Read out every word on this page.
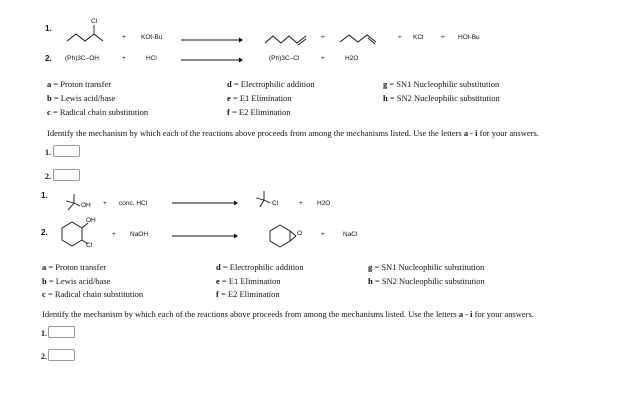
1.
Cl
+ KOt-Bu →	+	+ KCl	+ HOt-Bu
2. (Ph)3C–OH	+	HCl	(Ph)3C–Cl	+	H2O
a = Proton transfer
b = Lewis acid/base
c = Radical chain substitution
d = Electrophilic addition
e = E1 Elimination
f = E2 Elimination
g = SN1 Nucleophilic substitution
h = SN2 Nucleophilic substitution
Identify the mechanism by which each of the reactions above proceeds from among the mechanisms listed. Use the letters a - i for your answers.
1.
2.
1.
OH + conc. HCl	Cl	+ H2O
2.
OH
Cl
+ NaOH	O	+	NaCl
a = Proton transfer
b = Lewis acid/base
c = Radical chain substitution
d = Electrophilic addition
e = E1 Elimination
f = E2 Elimination
g = SN1 Nucleophilic substitution
h = SN2 Nucleophilic substitution
Identify the mechanism by which each of the reactions above proceeds from among the mechanisms listed. Use the letters a - i for your answers.
1.
2.
